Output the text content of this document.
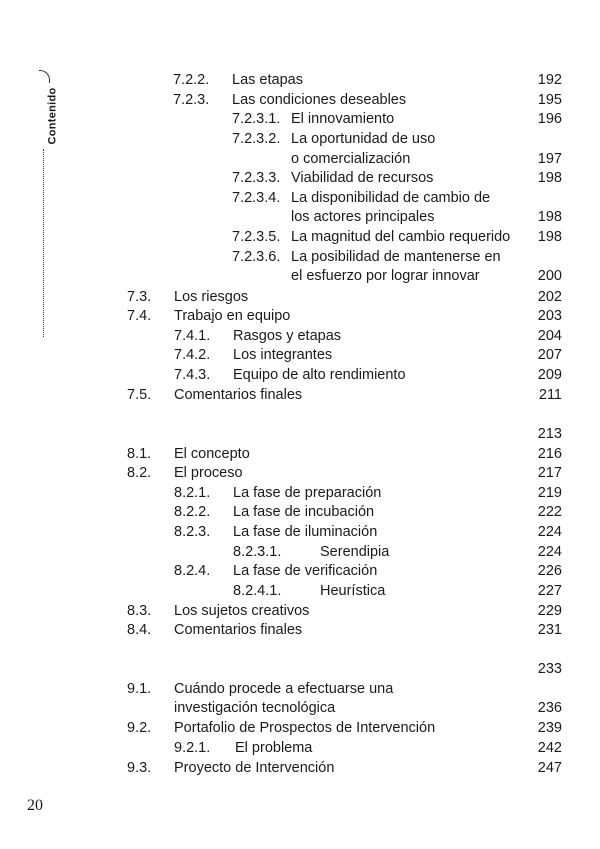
Contenido
7.2.2. Las etapas	192
7.2.3. Las condiciones deseables	195
7.2.3.1. El innovamiento	196
7.2.3.2. La oportunidad de uso
o comercialización	197
7.2.3.3. Viabilidad de recursos	198
7.2.3.4. La disponibilidad de cambio de
los actores principales	198
7.2.3.5. La magnitud del cambio requerido	198
7.2.3.6. La posibilidad de mantenerse en
el esfuerzo por lograr innovar	200
7.3. Los riesgos	202
7.4. Trabajo en equipo	203
7.4.1. Rasgos y etapas	204
7.4.2. Los integrantes	207
7.4.3. Equipo de alto rendimiento	209
7.5. Comentarios finales	211
213
8.1. El concepto	216
8.2. El proceso	217
8.2.1. La fase de preparación	219
8.2.2. La fase de incubación	222
8.2.3. La fase de iluminación	224
8.2.3.1.	Serendipia	224
8.2.4. La fase de verificación	226
8.2.4.1.	Heurística	227
8.3. Los sujetos creativos	229
8.4. Comentarios finales	231
233
9.1. Cuándo procede a efectuarse una
investigación tecnológica	236
9.2. Portafolio de Prospectos de Intervención	239
9.2.1. El problema	242
9.3. Proyecto de Intervención	247
20
